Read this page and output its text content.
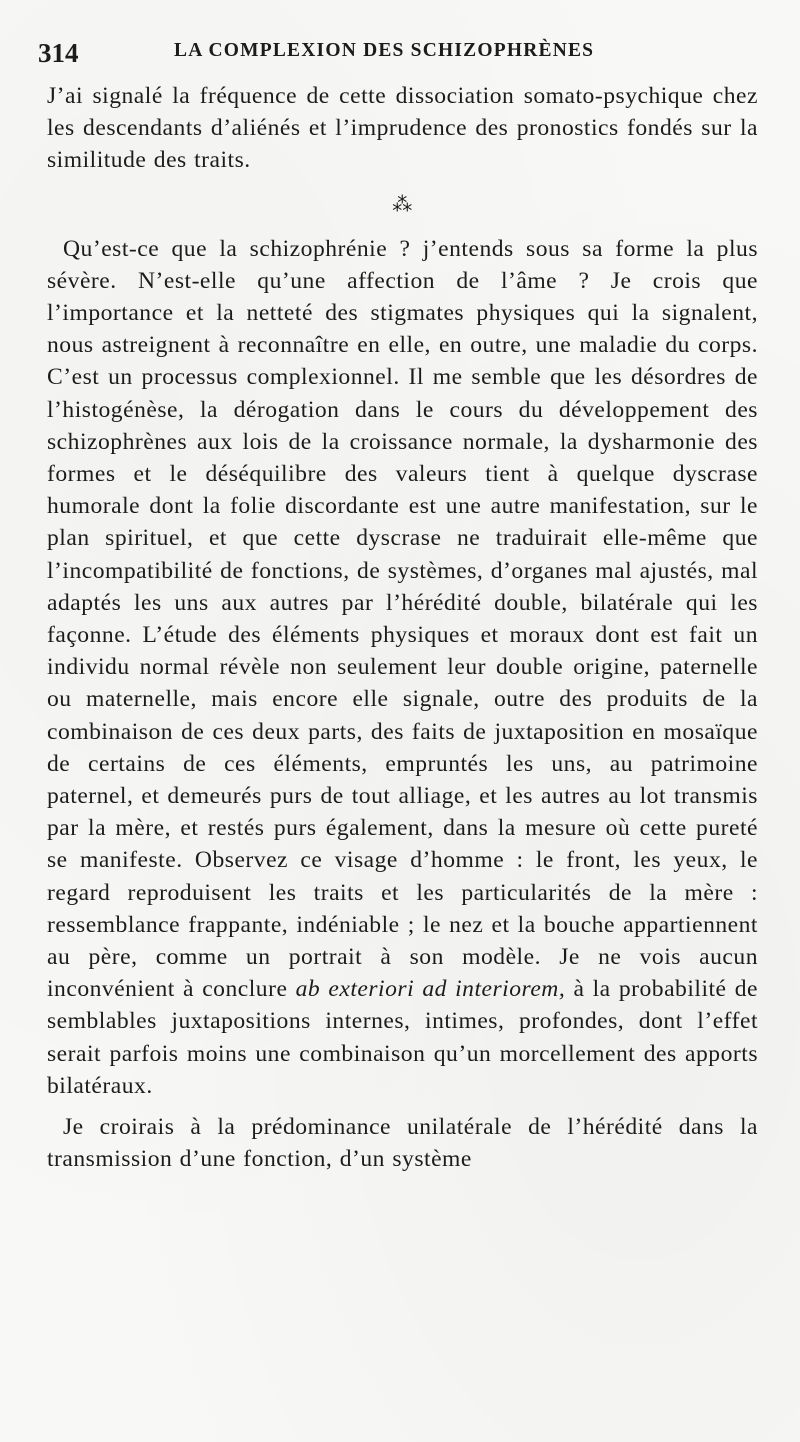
314	LA COMPLEXION DES SCHIZOPHRÈNES

J’ai signalé la fréquence de cette dissociation somato-psychique chez les descendants d’aliénés et l’imprudence des pronostics fondés sur la similitude des traits.

⁂

Qu’est-ce que la schizophrénie ? j’entends sous sa forme la plus sévère. N’est-elle qu’une affection de l’âme ? Je crois que l’importance et la netteté des stigmates physiques qui la signalent, nous astreignent à reconnaître en elle, en outre, une maladie du corps. C’est un processus complexionnel. Il me semble que les désordres de l’histogénèse, la dérogation dans le cours du développement des schizophrènes aux lois de la croissance normale, la dysharmonie des formes et le déséquilibre des valeurs tient à quelque dyscrase humorale dont la folie discordante est une autre manifestation, sur le plan spirituel, et que cette dyscrase ne traduirait elle-même que l’incompatibilité de fonctions, de systèmes, d’organes mal ajustés, mal adaptés les uns aux autres par l’hérédité double, bilatérale qui les façonne. L’étude des éléments physiques et moraux dont est fait un individu normal révèle non seulement leur double origine, paternelle ou maternelle, mais encore elle signale, outre des produits de la combinaison de ces deux parts, des faits de juxtaposition en mosaïque de certains de ces éléments, empruntés les uns, au patrimoine paternel, et demeurés purs de tout alliage, et les autres au lot transmis par la mère, et restés purs également, dans la mesure où cette pureté se manifeste. Observez ce visage d’homme : le front, les yeux, le regard reproduisent les traits et les particularités de la mère : ressemblance frappante, indéniable ; le nez et la bouche appartiennent au père, comme un portrait à son modèle. Je ne vois aucun inconvénient à conclure ab exteriori ad interiorem, à la probabilité de semblables juxtapositions internes, intimes, profondes, dont l’effet serait parfois moins une combinaison qu’un morcellement des apports bilatéraux.

Je croirais à la prédominance unilatérale de l’hérédité dans la transmission d’une fonction, d’un système
